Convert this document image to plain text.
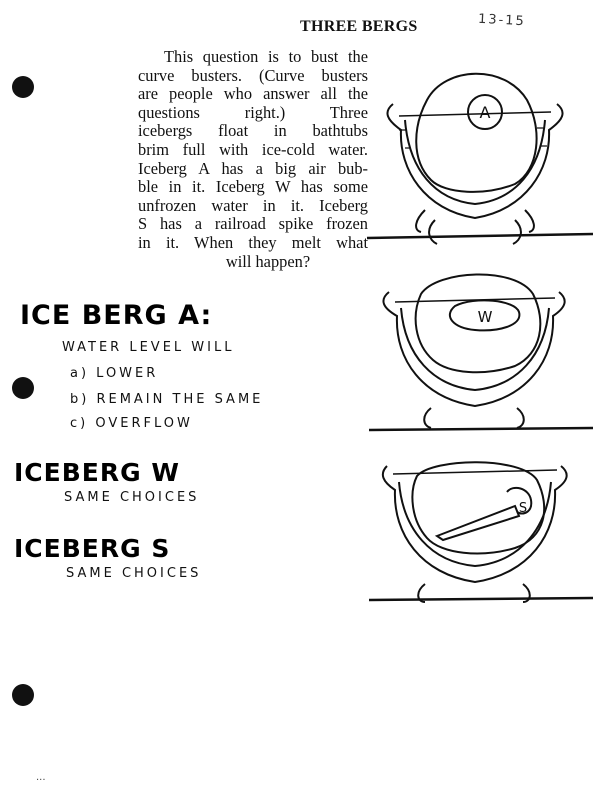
THREE BERGS	13-15
This question is to bust the
curve busters. (Curve busters
are people who answer all the
questions right.) Three
icebergs float in bathtubs
brim full with ice-cold water.
Iceberg A has a big air bub-
ble in it. Iceberg W has some
unfrozen water in it. Iceberg
S has a railroad spike frozen
in it. When they melt what
will happen?
ICE BERG A:
WATER LEVEL WILL
a) LOWER
b) REMAIN THE SAME
c) OVERFLOW
ICEBERG W
SAME CHOICES
ICEBERG S
SAME CHOICES
A
W
S
...
